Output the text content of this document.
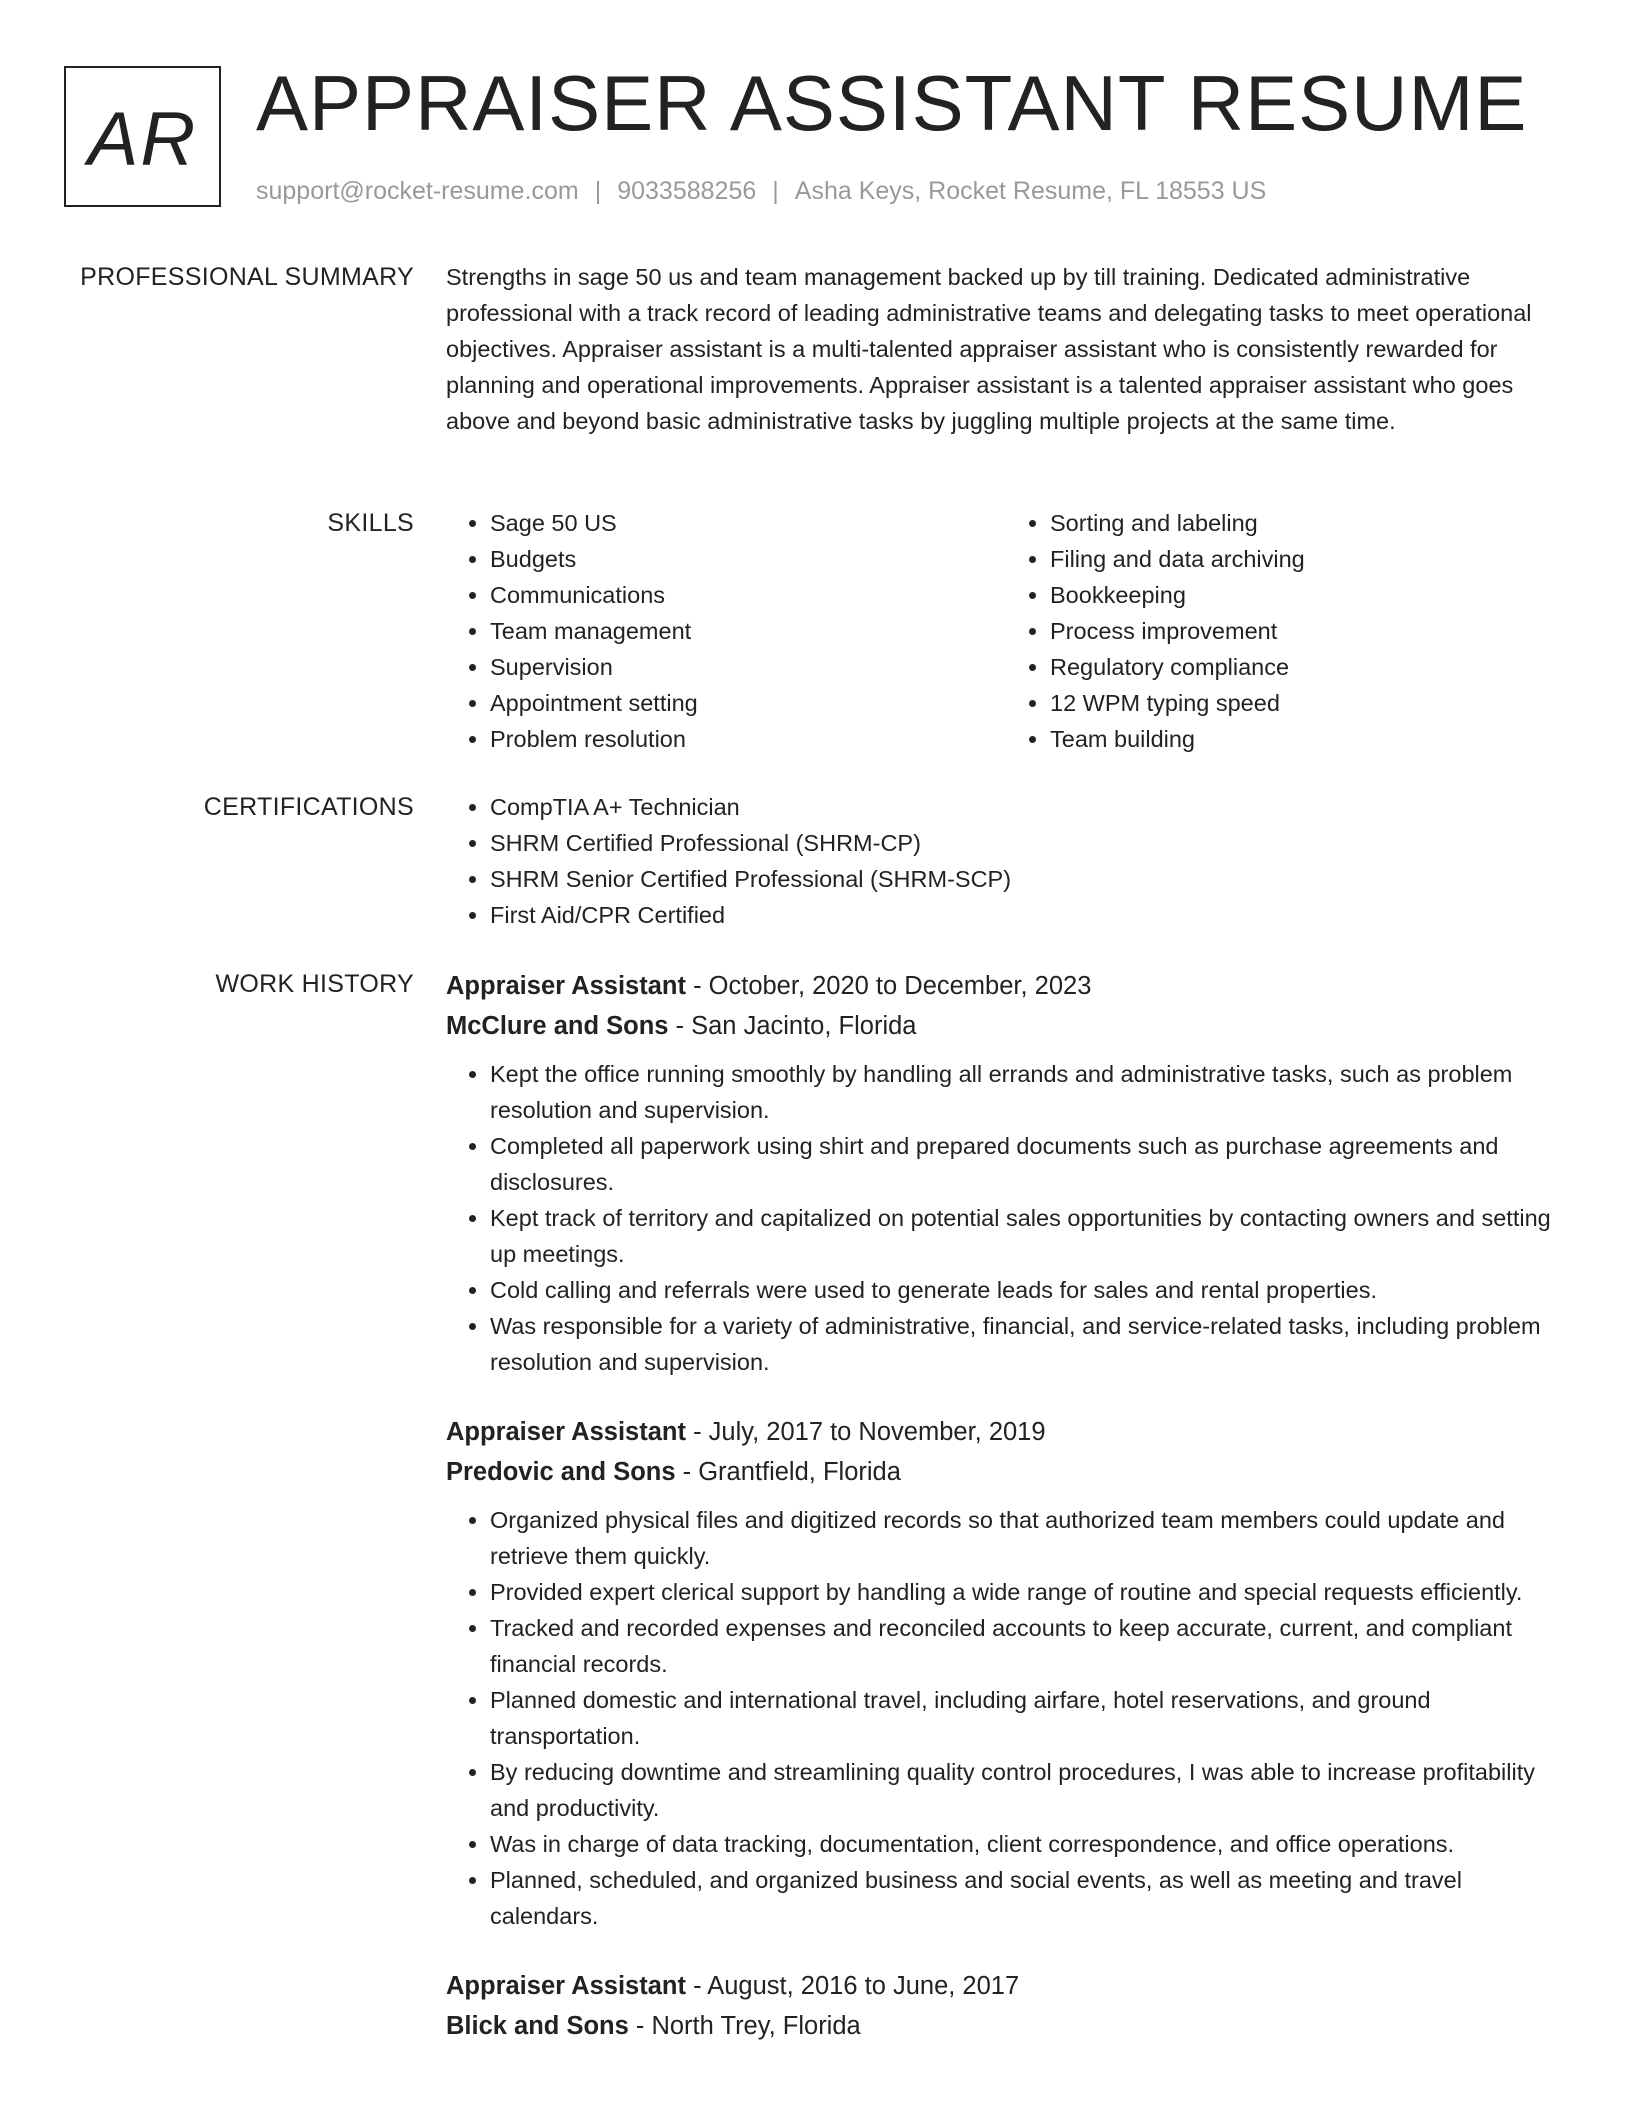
AR APPRAISER ASSISTANT RESUME
support@rocket-resume.com | 9033588256 | Asha Keys, Rocket Resume, FL 18553 US
PROFESSIONAL SUMMARY Strengths in sage 50 us and team management backed up by till training. Dedicated administrative professional with a track record of leading administrative teams and delegating tasks to meet operational objectives. Appraiser assistant is a multi-talented appraiser assistant who is consistently rewarded for planning and operational improvements. Appraiser assistant is a talented appraiser assistant who goes above and beyond basic administrative tasks by juggling multiple projects at the same time.

SKILLS	• Sage 50 US
• Budgets
• Communications
• Team management
• Supervision
• Appointment setting
• Problem resolution
• Sorting and labeling
• Filing and data archiving
• Bookkeeping
• Process improvement
• Regulatory compliance
• 12 WPM typing speed
• Team building
CERTIFICATIONS	• CompTIA A+ Technician
• SHRM Certified Professional (SHRM-CP)
• SHRM Senior Certified Professional (SHRM-SCP)
• First Aid/CPR Certified
WORK HISTORY Appraiser Assistant - October, 2020 to December, 2023
McClure and Sons - San Jacinto, Florida
• Kept the office running smoothly by handling all errands and administrative tasks, such as problem resolution and supervision.
• Completed all paperwork using shirt and prepared documents such as purchase agreements and disclosures.
• Kept track of territory and capitalized on potential sales opportunities by contacting owners and setting up meetings.
• Cold calling and referrals were used to generate leads for sales and rental properties.
• Was responsible for a variety of administrative, financial, and service-related tasks, including problem resolution and supervision.
Appraiser Assistant - July, 2017 to November, 2019
Predovic and Sons - Grantfield, Florida
• Organized physical files and digitized records so that authorized team members could update and retrieve them quickly.
• Provided expert clerical support by handling a wide range of routine and special requests efficiently.
• Tracked and recorded expenses and reconciled accounts to keep accurate, current, and compliant financial records.
• Planned domestic and international travel, including airfare, hotel reservations, and ground transportation.
• By reducing downtime and streamlining quality control procedures, I was able to increase profitability and productivity.
• Was in charge of data tracking, documentation, client correspondence, and office operations.
• Planned, scheduled, and organized business and social events, as well as meeting and travel calendars.
Appraiser Assistant - August, 2016 to June, 2017
Blick and Sons - North Trey, Florida
